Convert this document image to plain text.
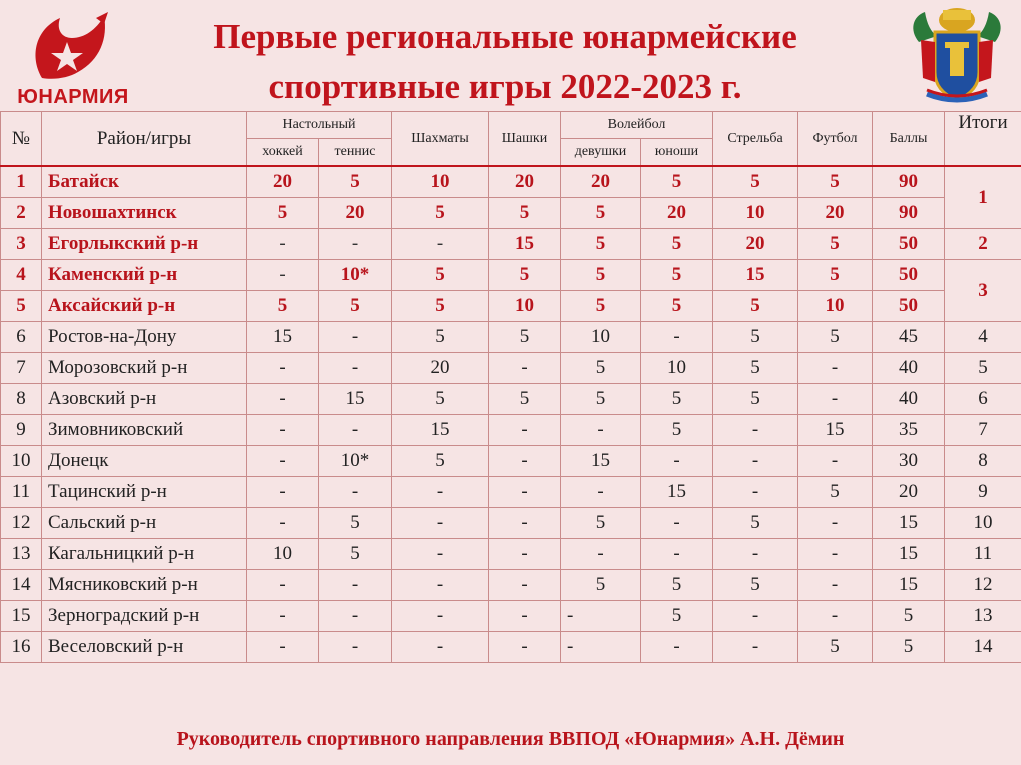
ЮНАРМИЯ
Первые региональные юнармейские
спортивные игры 2022-2023 г.
№	Район/игры	Настольный		Шахматы	Шашки	Волейбол		Стрельба	Футбол	Баллы	Итоги
		хоккей	теннис			девушки	юноши				
1	Батайск	20	5	10	20	20	5	5	5	90	1
2	Новошахтинск	5	20	5	5	5	20	10	20	90	
3	Егорлыкский р-н	-	-	-	15	5	5	20	5	50	2
4	Каменский р-н	-	10*	5	5	5	5	15	5	50	3
5	Аксайский р-н	5	5	5	10	5	5	5	10	50	
6	Ростов-на-Дону	15	-	5	5	10	-	5	5	45	4
7	Морозовский р-н	-	-	20	-	5	10	5	-	40	5
8	Азовский р-н	-	15	5	5	5	5	5	-	40	6
9	Зимовниковский	-	-	15	-	-	5	-	15	35	7
10	Донецк	-	10*	5	-	15	-	-	-	30	8
11	Тацинский р-н	-	-	-	-	-	15	-	5	20	9
12	Сальский р-н	-	5	-	-	5	-	5	-	15	10
13	Кагальницкий р-н	10	5	-	-	-	-	-	-	15	11
14	Мясниковский р-н	-	-	-	-	5	5	5	-	15	12
15	Зерноградский р-н	-	-	-	-	-	5	-	-	5	13
16	Веселовский р-н	-	-	-	-	-	-	-	5	5	14
Руководитель спортивного направления ВВПОД «Юнармия» А.Н. Дёмин
